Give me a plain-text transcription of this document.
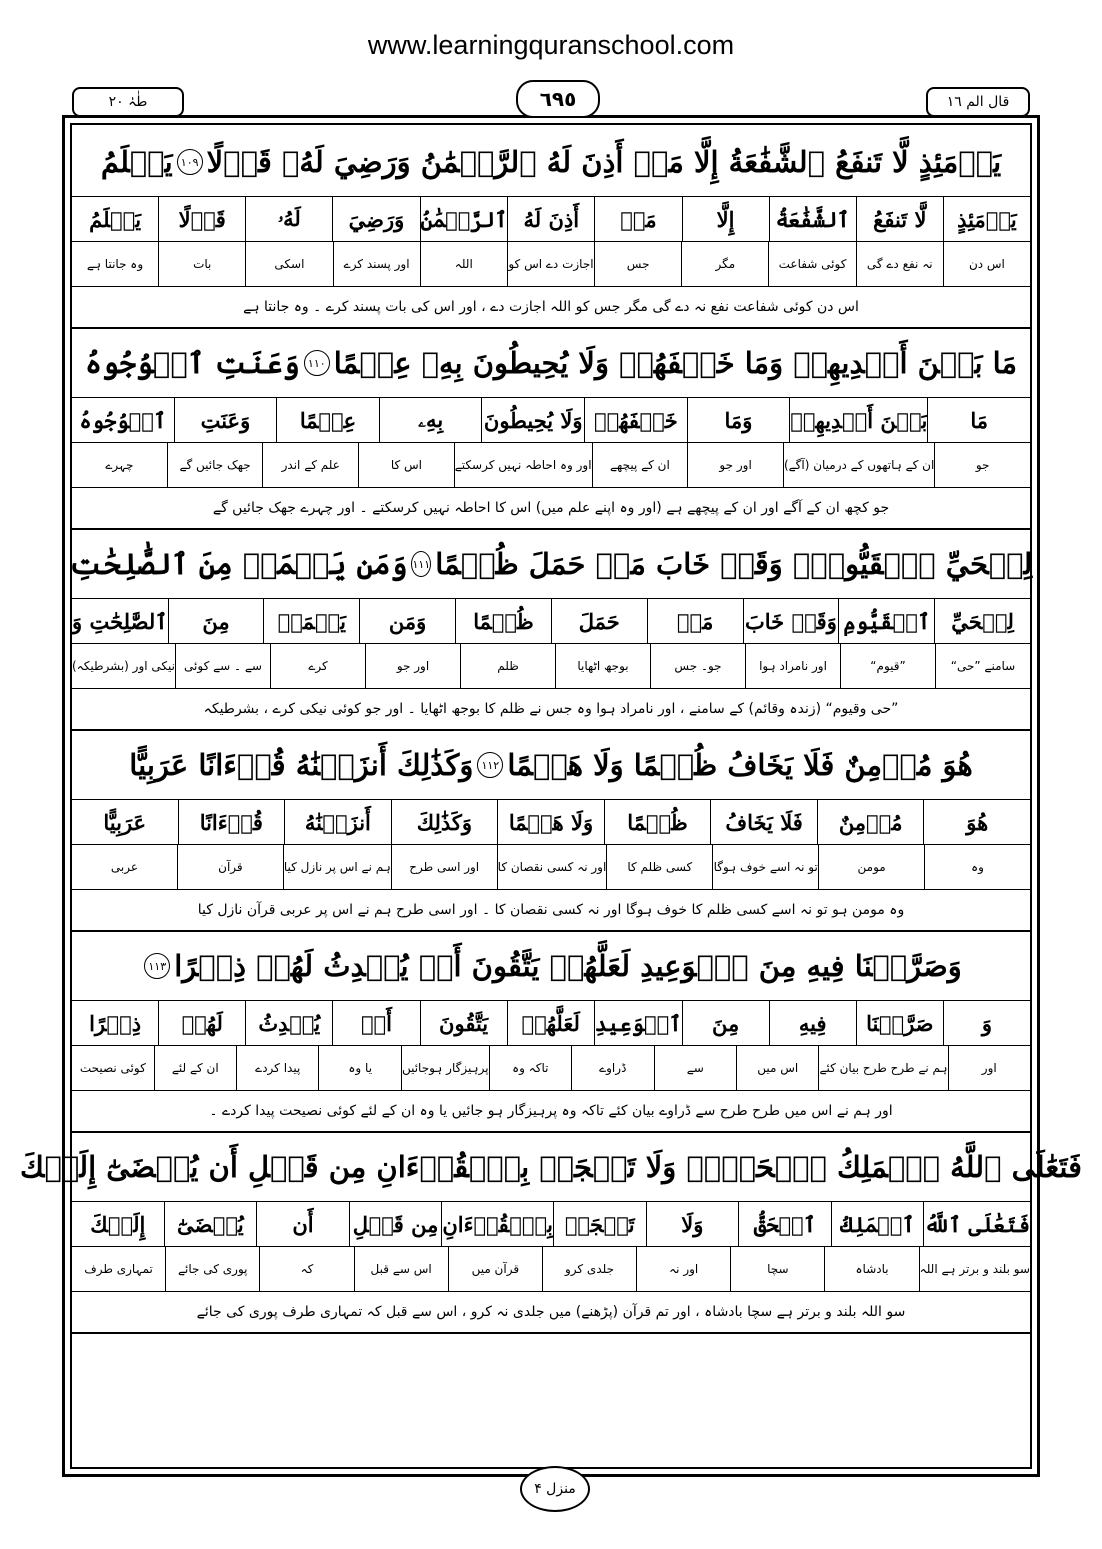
www.learningquranschool.com
طٰہٰ ٢٠	٦٩٥	قال الم ١٦
يَوۡمَئِذٍ لَّا تَنفَعُ ٱلشَّفَٰعَةُ إِلَّا مَنۡ أَذِنَ لَهُ ٱلرَّحۡمَٰنُ وَرَضِيَ لَهُۥ قَوۡلًا
١٠٩
يَعۡلَمُ
يَوۡمَئِذٍ
لَّا تَنفَعُ
ٱلشَّفَٰعَةُ
إِلَّا
مَنۡ
أَذِنَ لَهُ
ٱلرَّحۡمَٰنُ
وَرَضِيَ
لَهُۥ
قَوۡلًا
يَعۡلَمُ
اس دن
نہ نفع دے گی
کوئی شفاعت
مگر
جس
اجازت دے اس کو
اللہ
اور پسند کرے
اسکی
بات
وہ جانتا ہے
اس دن کوئی شفاعت نفع نہ دے گی مگر جس کو اللہ اجازت دے ، اور اس کی بات پسند کرے ۔ وہ جانتا ہے
مَا بَيۡنَ أَيۡدِيهِمۡ وَمَا خَلۡفَهُمۡ وَلَا يُحِيطُونَ بِهِۦ عِلۡمًا
١١٠
وَعَنَتِ ٱلۡوُجُوهُ
مَا
بَيۡنَ أَيۡدِيهِمۡ
وَمَا
خَلۡفَهُمۡ
وَلَا يُحِيطُونَ
بِهِۦ
عِلۡمًا
وَعَنَتِ
ٱلۡوُجُوهُ
جو
ان کے ہاتھوں کے درمیان (آگے)
اور جو
ان کے پیچھے
اور وہ احاطہ نہیں کرسکتے
اس کا
علم کے اندر
جھک جائیں گے
چہرے
جو کچھ ان کے آگے اور ان کے پیچھے ہے (اور وہ اپنے علم میں) اس کا احاطہ نہیں کرسکتے ۔ اور چہرے جھک جائیں گے
لِلۡحَيِّ ٱلۡقَيُّومِۖ وَقَدۡ خَابَ مَنۡ حَمَلَ ظُلۡمًا
١١١
وَمَن يَعۡمَلۡ مِنَ ٱلصَّٰلِحَٰتِ
لِلۡحَيِّ
ٱلۡقَيُّومِ
وَقَدۡ خَابَ
مَنۡ
حَمَلَ
ظُلۡمًا
وَمَن
يَعۡمَلۡ
مِنَ
ٱلصَّٰلِحَٰتِ وَ
سامنے ”حی“
”قیوم“
اور نامراد ہوا
جو۔ جس
بوجھ اٹھایا
ظلم
اور جو
کرے
سے ۔ سے کوئی
نیکی اور (بشرطیکہ)
”حی وقیوم“ (زندہ وقائم) کے سامنے ، اور نامراد ہوا وہ جس نے ظلم کا بوجھ اٹھایا ۔ اور جو کوئی نیکی کرے ، بشرطیکہ
هُوَ مُؤۡمِنٌ فَلَا يَخَافُ ظُلۡمًا وَلَا هَضۡمًا
١١٢
وَكَذَٰلِكَ أَنزَلۡنَٰهُ قُرۡءَانًا عَرَبِيًّا
هُوَ
مُؤۡمِنٌ
فَلَا يَخَافُ
ظُلۡمًا
وَلَا هَضۡمًا
وَكَذَٰلِكَ
أَنزَلۡنَٰهُ
قُرۡءَانًا
عَرَبِيًّا
وہ
مومن
تو نہ اسے خوف ہوگا
کسی ظلم کا
اور نہ کسی نقصان کا
اور اسی طرح
ہم نے اس پر نازل کیا
قرآن
عربی
وہ مومن ہو تو نہ اسے کسی ظلم کا خوف ہوگا اور نہ کسی نقصان کا ۔ اور اسی طرح ہم نے اس پر عربی قرآن نازل کیا
وَصَرَّفۡنَا فِيهِ مِنَ ٱلۡوَعِيدِ لَعَلَّهُمۡ يَتَّقُونَ أَوۡ يُحۡدِثُ لَهُمۡ ذِكۡرًا
١١٣
وَ
صَرَّفۡنَا
فِيهِ
مِنَ
ٱلۡوَعِيدِ
لَعَلَّهُمۡ
يَتَّقُونَ
أَوۡ
يُحۡدِثُ
لَهُمۡ
ذِكۡرًا
اور
ہم نے طرح طرح بیان کئے
اس میں
سے
ڈراوے
تاکہ وہ
پرہیزگار ہوجائیں
یا وہ
پیدا کردے
ان کے لئے
کوئی نصیحت
اور ہم نے اس میں طرح طرح سے ڈراوے بیان کئے تاکہ وہ پرہیزگار ہو جائیں یا وہ ان کے لئے کوئی نصیحت پیدا کردے ۔
فَتَعَٰلَى ٱللَّهُ ٱلۡمَلِكُ ٱلۡحَقُّۗ وَلَا تَعۡجَلۡ بِٱلۡقُرۡءَانِ مِن قَبۡلِ أَن يُقۡضَىٰٓ إِلَيۡكَ
فَتَعَٰلَى ٱللَّهُ
ٱلۡمَلِكُ
ٱلۡحَقُّ
وَلَا
تَعۡجَلۡ
بِٱلۡقُرۡءَانِ
مِن قَبۡلِ
أَن
يُقۡضَىٰٓ
إِلَيۡكَ
سو بلند و برتر ہے اللہ
بادشاہ
سچا
اور نہ
جلدی کرو
قرآن میں
اس سے قبل
کہ
پوری کی جائے
تمہاری طرف
سو اللہ بلند و برتر ہے سچا بادشاہ ، اور تم قرآن (پڑھنے) میں جلدی نہ کرو ، اس سے قبل کہ تمہاری طرف پوری کی جائے
منزل ۴
